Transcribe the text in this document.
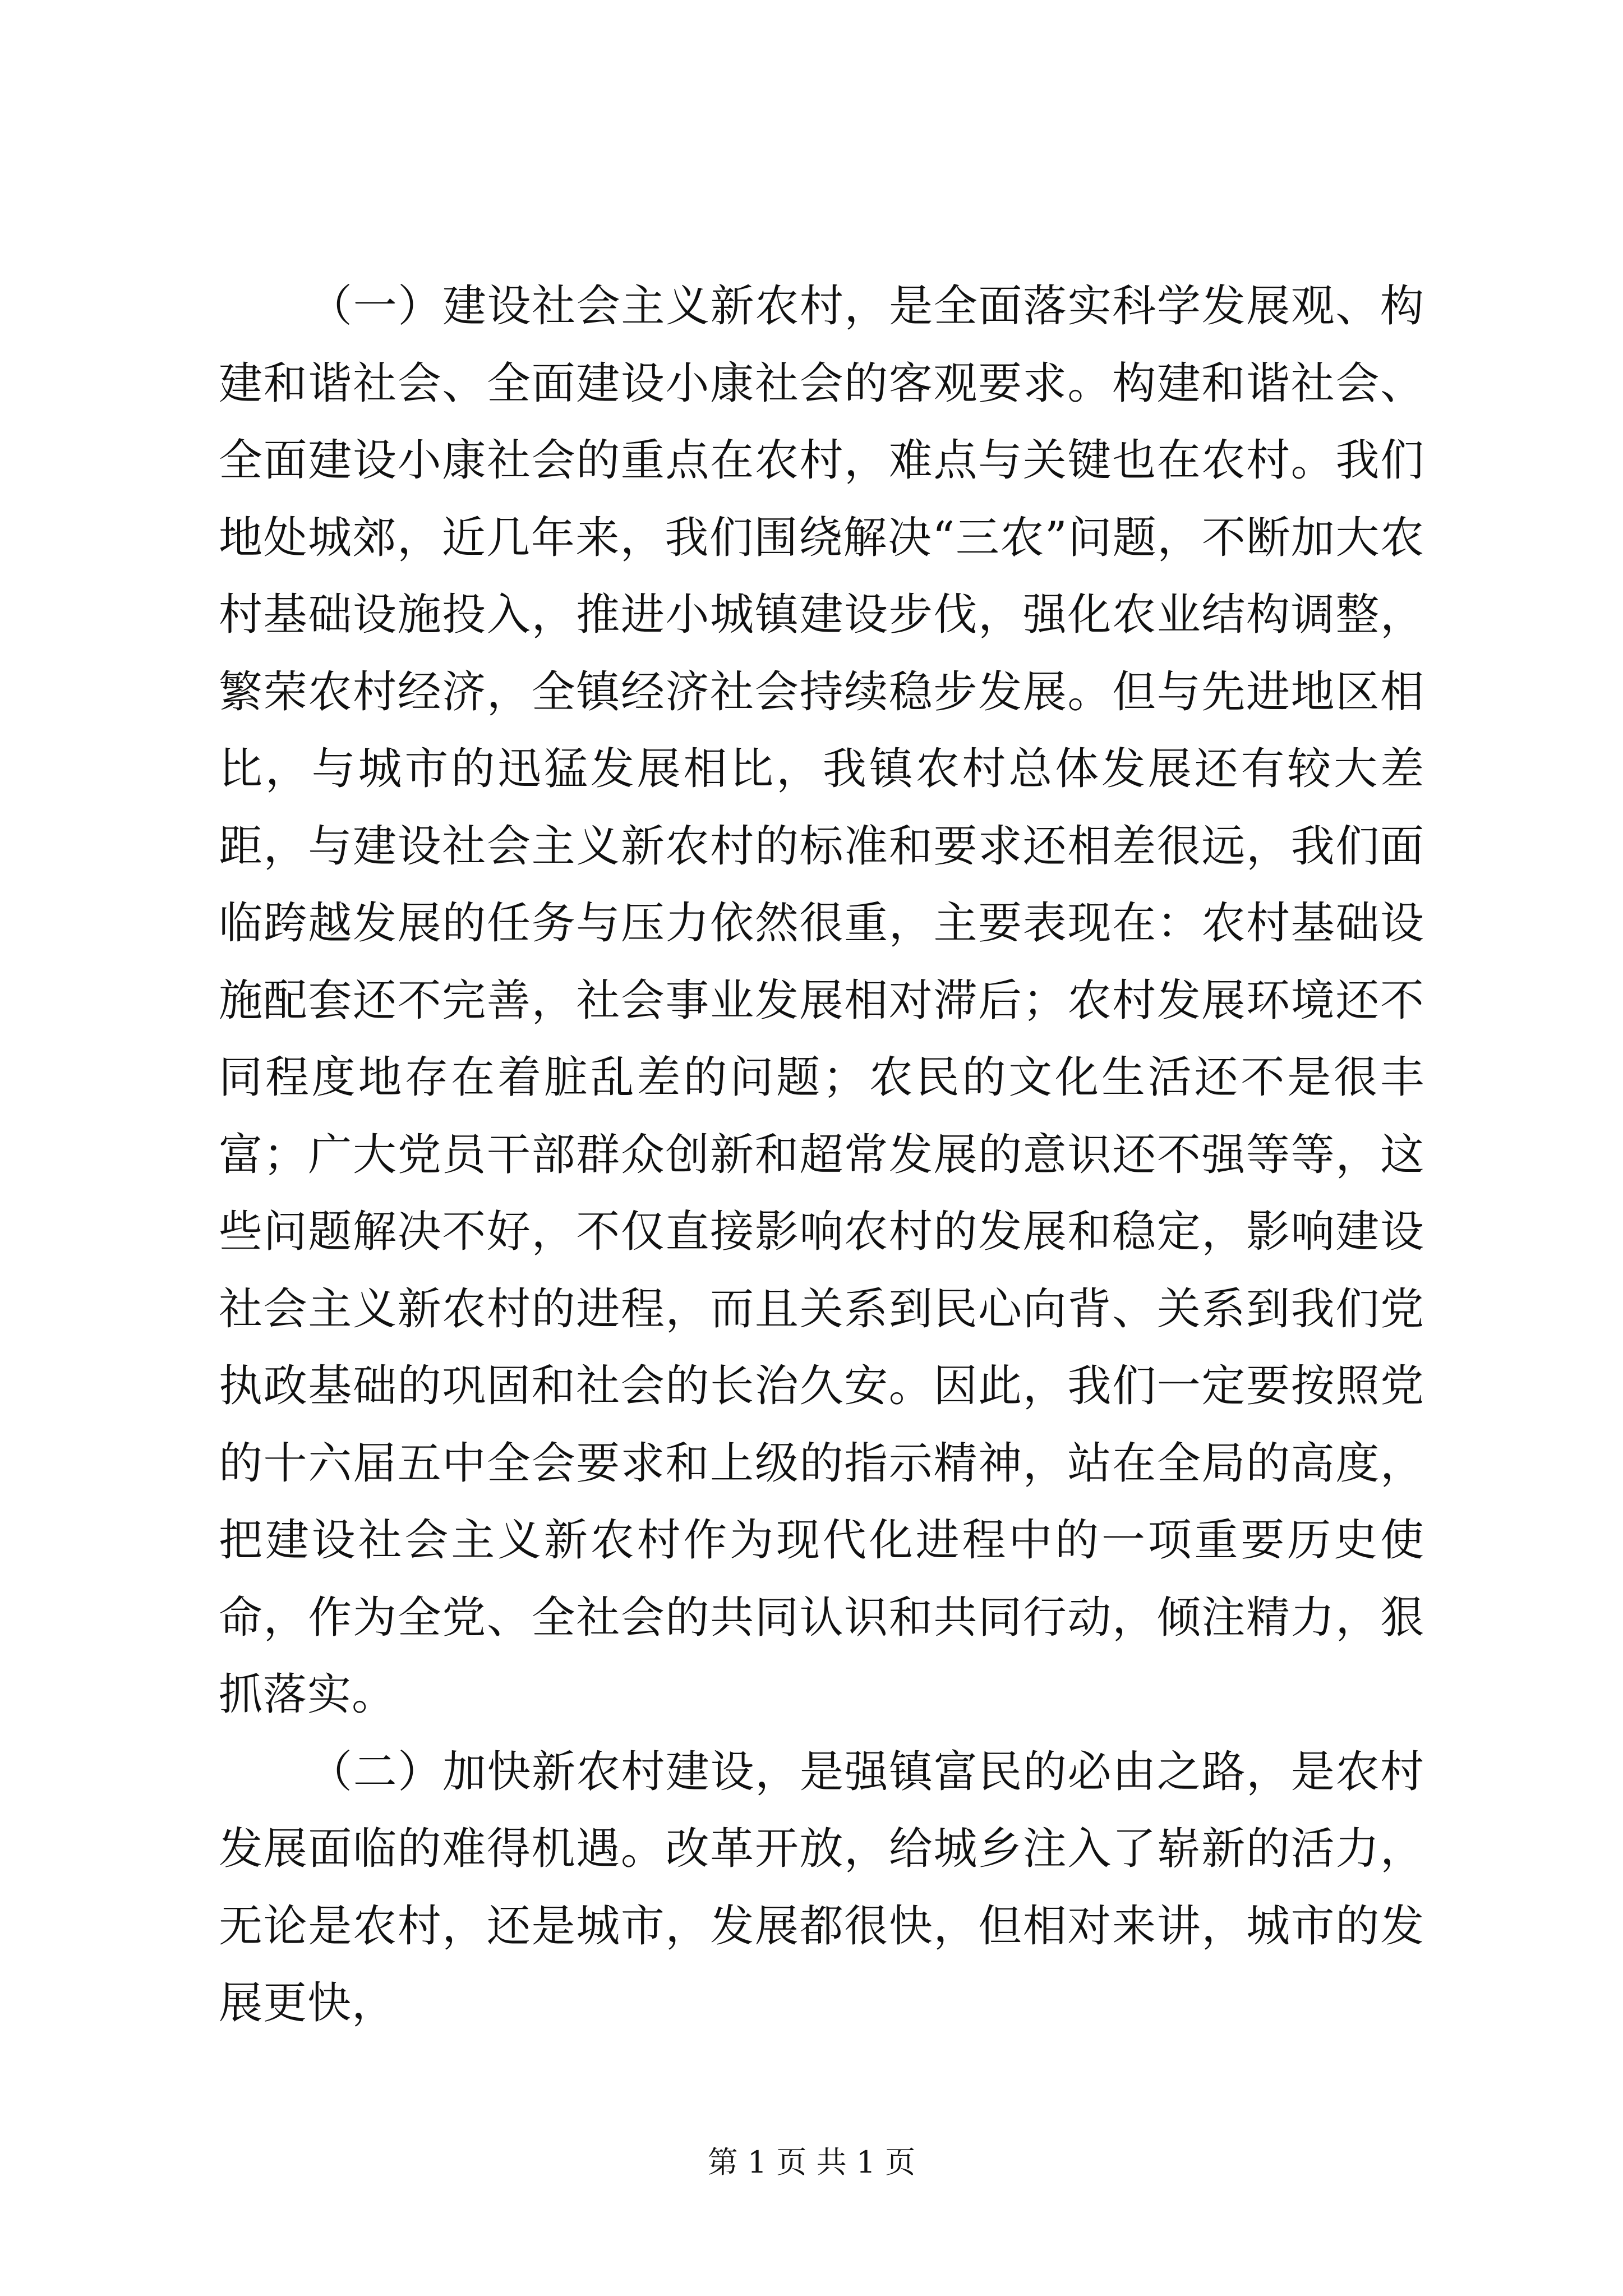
（一）建设社会主义新农村，是全面落实科学发展观、构建和谐社会、全面建设小康社会的客观要求。构建和谐社会、全面建设小康社会的重点在农村，难点与关键也在农村。我们地处城郊，近几年来，我们围绕解决“三农”问题，不断加大农村基础设施投入，推进小城镇建设步伐，强化农业结构调整，繁荣农村经济，全镇经济社会持续稳步发展。但与先进地区相比，与城市的迅猛发展相比，我镇农村总体发展还有较大差距，与建设社会主义新农村的标准和要求还相差很远，我们面临跨越发展的任务与压力依然很重，主要表现在：农村基础设施配套还不完善，社会事业发展相对滞后；农村发展环境还不同程度地存在着脏乱差的问题；农民的文化生活还不是很丰富；广大党员干部群众创新和超常发展的意识还不强等等，这些问题解决不好，不仅直接影响农村的发展和稳定，影响建设社会主义新农村的进程，而且关系到民心向背、关系到我们党执政基础的巩固和社会的长治久安。因此，我们一定要按照党的十六届五中全会要求和上级的指示精神，站在全局的高度，把建设社会主义新农村作为现代化进程中的一项重要历史使命，作为全党、全社会的共同认识和共同行动，倾注精力，狠抓落实。

（二）加快新农村建设，是强镇富民的必由之路，是农村发展面临的难得机遇。改革开放，给城乡注入了崭新的活力，无论是农村，还是城市，发展都很快，但相对来讲，城市的发展更快，

第 1 页 共 1 页
